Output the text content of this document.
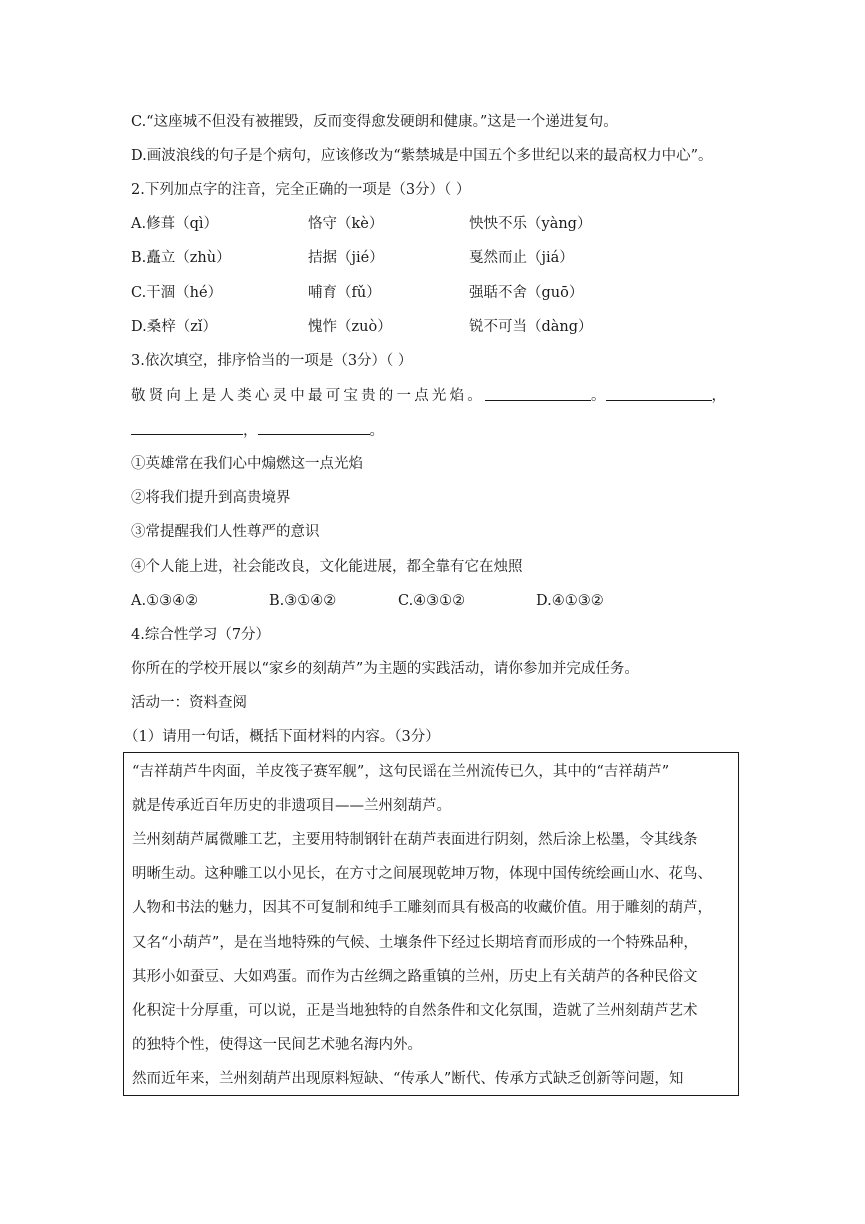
C.“这座城不但没有被摧毁，反而变得愈发硬朗和健康。”这是一个递进复句。
D.画波浪线的句子是个病句，应该修改为“紫禁城是中国五个多世纪以来的最高权力中心”。
2.下列加点字的注音，完全正确的一项是（3分）（ ）
A.修葺（qì）	恪守（kè）	怏怏不乐（yàng）
B.矗立（zhù）	拮据（jié）	戛然而止（jiá）
C.干涸（hé）	哺育（fǔ）	强聒不舍（guō）
D.桑梓（zǐ）	愧怍（zuò）	锐不可当（dàng）
3.依次填空，排序恰当的一项是（3分）（ ）
敬贤向上是人类心灵中最可宝贵的一点光焰。	。	，
，	。
①英雄常在我们心中煽燃这一点光焰
②将我们提升到高贵境界
③常提醒我们人性尊严的意识
④个人能上进，社会能改良，文化能进展，都全靠有它在烛照
A.①③④②	B.③①④②	C.④③①②	D.④①③②
4.综合性学习（7分）
你所在的学校开展以“家乡的刻葫芦”为主题的实践活动，请你参加并完成任务。
活动一：资料查阅
（1）请用一句话，概括下面材料的内容。（3分）
“吉祥葫芦牛肉面，羊皮筏子赛军舰”，这句民谣在兰州流传已久，其中的“吉祥葫芦”
就是传承近百年历史的非遗项目——兰州刻葫芦。
兰州刻葫芦属微雕工艺，主要用特制钢针在葫芦表面进行阴刻，然后涂上松墨，令其线条
明晰生动。这种雕工以小见长，在方寸之间展现乾坤万物，体现中国传统绘画山水、花鸟、
人物和书法的魅力，因其不可复制和纯手工雕刻而具有极高的收藏价值。用于雕刻的葫芦，
又名“小葫芦”，是在当地特殊的气候、土壤条件下经过长期培育而形成的一个特殊品种，
其形小如蚕豆、大如鸡蛋。而作为古丝绸之路重镇的兰州，历史上有关葫芦的各种民俗文
化积淀十分厚重，可以说，正是当地独特的自然条件和文化氛围，造就了兰州刻葫芦艺术
的独特个性，使得这一民间艺术驰名海内外。
然而近年来，兰州刻葫芦出现原料短缺、“传承人”断代、传承方式缺乏创新等问题，知
